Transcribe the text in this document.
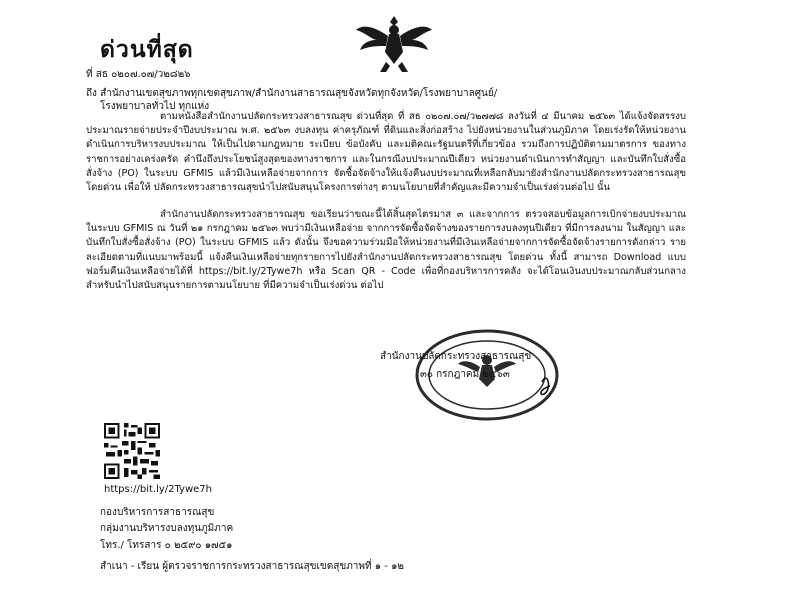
ด่วนที่สุด
ที่ สธ ๐๒๐๗.๐๗/ว๒๘๒๖
ถึง สำนักงานเขตสุขภาพทุกเขตสุขภาพ/สำนักงานสาธารณสุขจังหวัดทุกจังหวัด/โรงพยาบาลศูนย์/
โรงพยาบาลทั่วไป ทุกแห่ง

ตามหนังสือสำนักงานปลัดกระทรวงสาธารณสุข ด่วนที่สุด ที่ สธ ๐๒๐๗.๐๗/ว๒๗๗๘ ลงวันที่ ๔ มีนาคม ๒๕๖๓ ได้แจ้งจัดสรรงบประมาณรายจ่ายประจำปีงบประมาณ พ.ศ. ๒๕๖๓ งบลงทุน ค่าครุภัณฑ์ ที่ดินและสิ่งก่อสร้าง ไปยังหน่วยงานในส่วนภูมิภาค โดยเร่งรัดให้หน่วยงานดำเนินการบริหารงบประมาณ ให้เป็นไปตามกฎหมาย ระเบียบ ข้อบังคับ และมติคณะรัฐมนตรีที่เกี่ยวข้อง รวมถึงการปฏิบัติตามมาตรการ ของทางราชการอย่างเคร่งครัด คำนึงถึงประโยชน์สูงสุดของทางราชการ และในกรณีงบประมาณปีเดียว หน่วยงานดำเนินการทำสัญญา และบันทึกใบสั่งซื้อสั่งจ้าง (PO) ในระบบ GFMIS แล้วมีเงินเหลือจ่ายจากการ จัดซื้อจัดจ้างให้แจ้งคืนงบประมาณที่เหลือกลับมายังสำนักงานปลัดกระทรวงสาธารณสุขโดยด่วน เพื่อให้ ปลัดกระทรวงสาธารณสุขนำไปสนับสนุนโครงการต่างๆ ตามนโยบายที่สำคัญและมีความจำเป็นเร่งด่วนต่อไป นั้น

สำนักงานปลัดกระทรวงสาธารณสุข ขอเรียนว่าขณะนี้ได้สิ้นสุดไตรมาส ๓ และจากการ ตรวจสอบข้อมูลการเบิกจ่ายงบประมาณในระบบ GFMIS ณ วันที่ ๒๑ กรกฎาคม ๒๕๖๓ พบว่ามีเงินเหลือจ่าย จากการจัดซื้อจัดจ้างของรายการงบลงทุนปีเดียว ที่มีการลงนาม ในสัญญา และบันทึกใบสั่งซื้อสั่งจ้าง (PO) ในระบบ GFMIS แล้ว ดังนั้น จึงขอความร่วมมือให้หน่วยงานที่มีเงินเหลือจ่ายจากการจัดซื้อจัดจ้างรายการดังกล่าว รายละเอียดตามที่แนบมาพร้อมนี้ แจ้งคืนเงินเหลือจ่ายทุกรายการไปยังสำนักงานปลัดกระทรวงสาธารณสุข โดยด่วน ทั้งนี้ สามารถ Download แบบฟอร์มคืนเงินเหลือจ่ายได้ที่ https://bit.ly/2Tywe7h หรือ Scan QR - Code เพื่อที่กองบริหารการคลัง จะได้โอนเงินงบประมาณกลับส่วนกลาง สำหรับนำไปสนับสนุนรายการตามนโยบาย ที่มีความจำเป็นเร่งด่วน ต่อไป

สำนักงานปลัดกระทรวงสาธารณสุข
๓๐ กรกฎาคม ๒๕๖๓
https://bit.ly/2Tywe7h
กองบริหารการสาธารณสุข
กลุ่มงานบริหารงบลงทุนภูมิภาค
โทร./ โทรสาร ๐ ๒๕๙๐ ๑๗๕๑
สำเนา - เรียน ผู้ตรวจราชการกระทรวงสาธารณสุขเขตสุขภาพที่ ๑ - ๑๒
